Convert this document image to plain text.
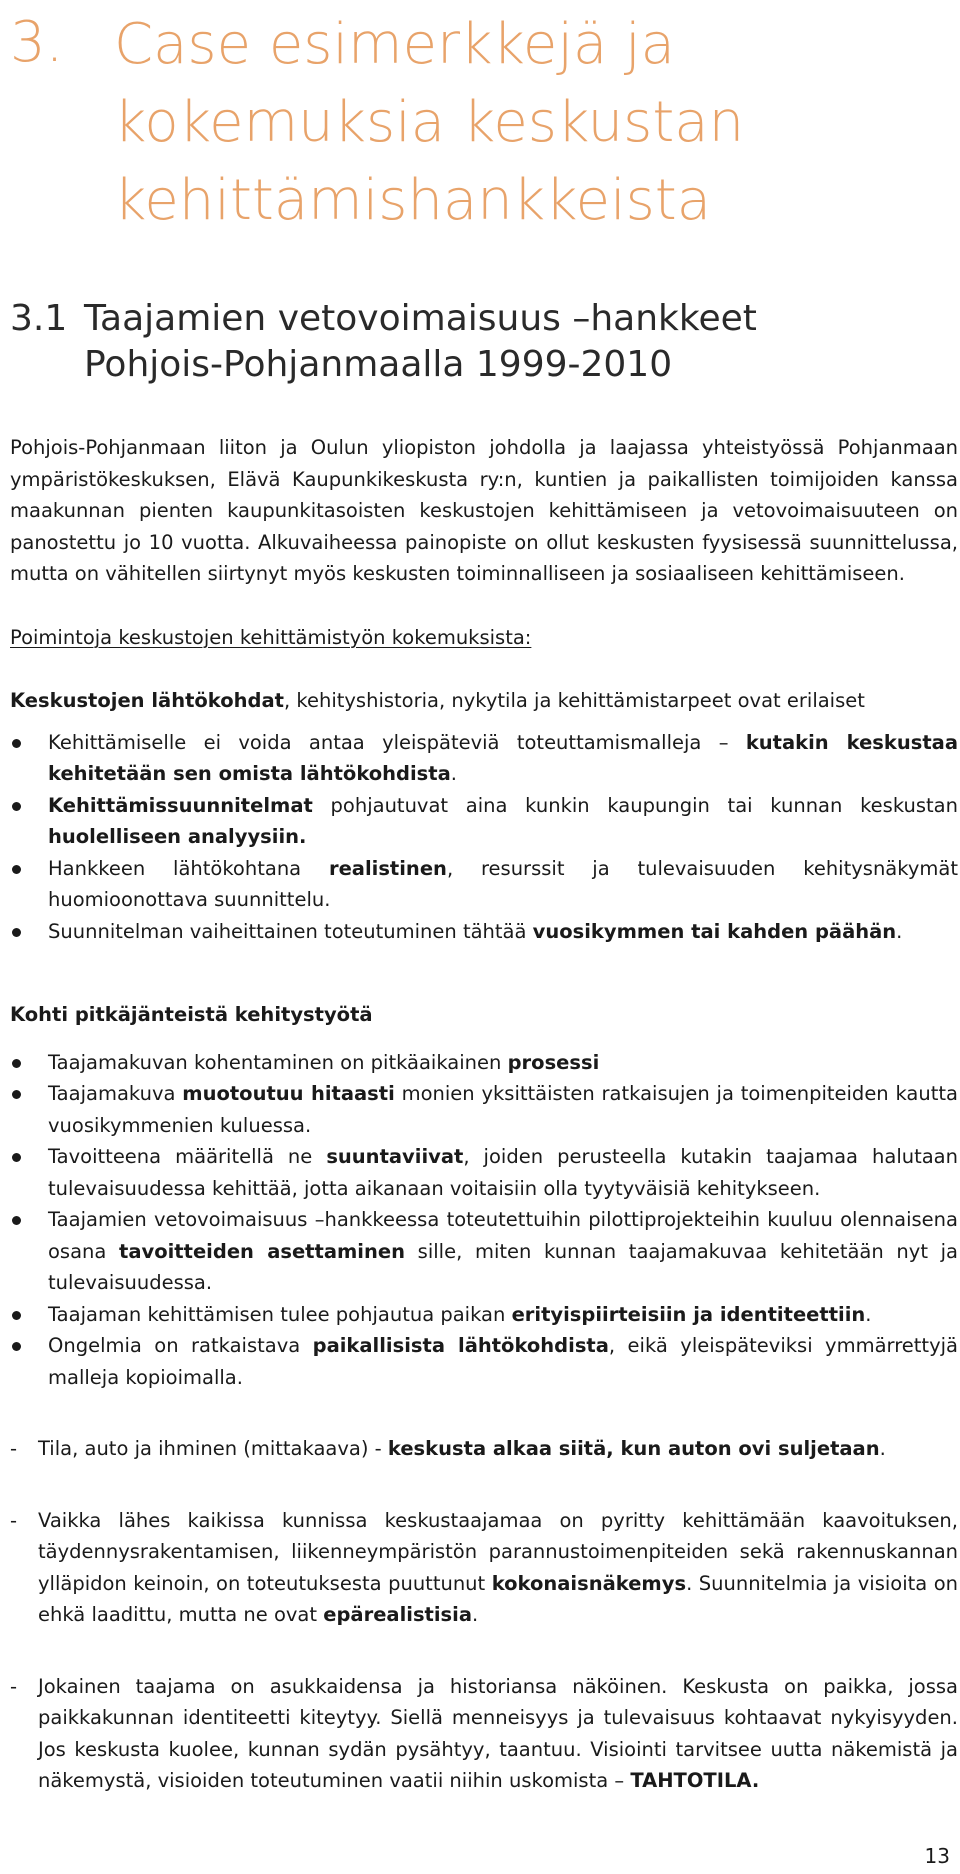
3. Case esimerkkejä ja
kokemuksia keskustan
kehittämishankkeista
3.1 Taajamien vetovoimaisuus –hankkeet
Pohjois-Pohjanmaalla 1999-2010

Pohjois-Pohjanmaan liiton ja Oulun yliopiston johdolla ja laajassa yhteistyössä Pohjanmaan ympäristökeskuksen, Elävä Kaupunkikeskusta ry:n, kuntien ja paikallisten toimijoiden kanssa maakunnan pienten kaupunkitasoisten keskustojen kehittämiseen ja vetovoimaisuuteen on panostettu jo 10 vuotta. Alkuvaiheessa painopiste on ollut keskusten fyysisessä suunnittelussa, mutta on vähitellen siirtynyt myös keskusten toiminnalliseen ja sosiaaliseen kehittämiseen.

Poimintoja keskustojen kehittämistyön kokemuksista:

Keskustojen lähtökohdat, kehityshistoria, nykytila ja kehittämistarpeet ovat erilaiset

Kehittämiselle ei voida antaa yleispäteviä toteuttamismalleja – kutakin keskustaa kehitetään sen omista lähtökohdista.
Kehittämissuunnitelmat pohjautuvat aina kunkin kaupungin tai kunnan keskustan huolelliseen analyysiin.
Hankkeen lähtökohtana realistinen, resurssit ja tulevaisuuden kehitysnäkymät huomioonottava suunnittelu.
Suunnitelman vaiheittainen toteutuminen tähtää vuosikymmen tai kahden päähän.

Kohti pitkäjänteistä kehitystyötä

Taajamakuvan kohentaminen on pitkäaikainen prosessi
Taajamakuva muotoutuu hitaasti monien yksittäisten ratkaisujen ja toimenpiteiden kautta vuosikymmenien kuluessa.
Tavoitteena määritellä ne suuntaviivat, joiden perusteella kutakin taajamaa halutaan tulevaisuudessa kehittää, jotta aikanaan voitaisiin olla tyytyväisiä kehitykseen.
Taajamien vetovoimaisuus –hankkeessa toteutettuihin pilottiprojekteihin kuuluu olennaisena osana tavoitteiden asettaminen sille, miten kunnan taajamakuvaa kehitetään nyt ja tulevaisuudessa.
Taajaman kehittämisen tulee pohjautua paikan erityispiirteisiin ja identiteettiin.
Ongelmia on ratkaistava paikallisista lähtökohdista, eikä yleispäteviksi ymmärrettyjä malleja kopioimalla.

- Tila, auto ja ihminen (mittakaava) - keskusta alkaa siitä, kun auton ovi suljetaan.

- Vaikka lähes kaikissa kunnissa keskustaajamaa on pyritty kehittämään kaavoituksen, täydennysrakentamisen, liikenneympäristön parannustoimenpiteiden sekä rakennuskannan ylläpidon keinoin, on toteutuksesta puuttunut kokonaisnäkemys. Suunnitelmia ja visioita on ehkä laadittu, mutta ne ovat epärealistisia.

- Jokainen taajama on asukkaidensa ja historiansa näköinen. Keskusta on paikka, jossa paikkakunnan identiteetti kiteytyy. Siellä menneisyys ja tulevaisuus kohtaavat nykyisyyden. Jos keskusta kuolee, kunnan sydän pysähtyy, taantuu. Visiointi tarvitsee uutta näkemistä ja näkemystä, visioiden toteutuminen vaatii niihin uskomista – TAHTOTILA.

13
